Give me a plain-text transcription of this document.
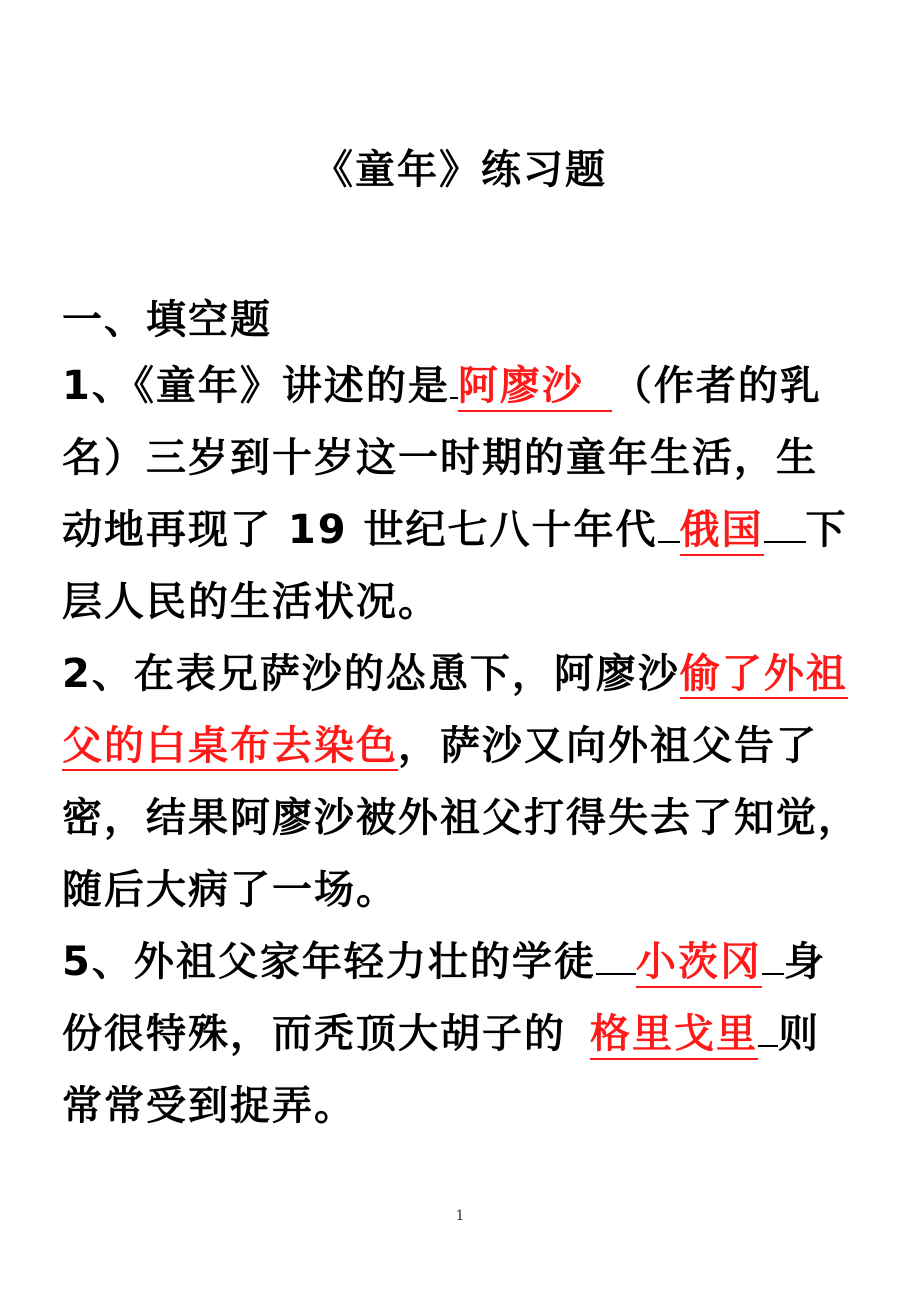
《童年》练习题
一、填空题
1、《童年》讲述的是 阿廖沙 （作者的乳
名）三岁到十岁这一时期的童年生活，生
动地再现了 19 世纪七八十年代 俄国 下
层人民的生活状况。
2、在表兄萨沙的怂恿下，阿廖沙偷了外祖
父的白桌布去染色，萨沙又向外祖父告了
密，结果阿廖沙被外祖父打得失去了知觉，
随后大病了一场。
5、外祖父家年轻力壮的学徒 小茨冈 身
份很特殊，而秃顶大胡子的 格里戈里 则
常常受到捉弄。
1
